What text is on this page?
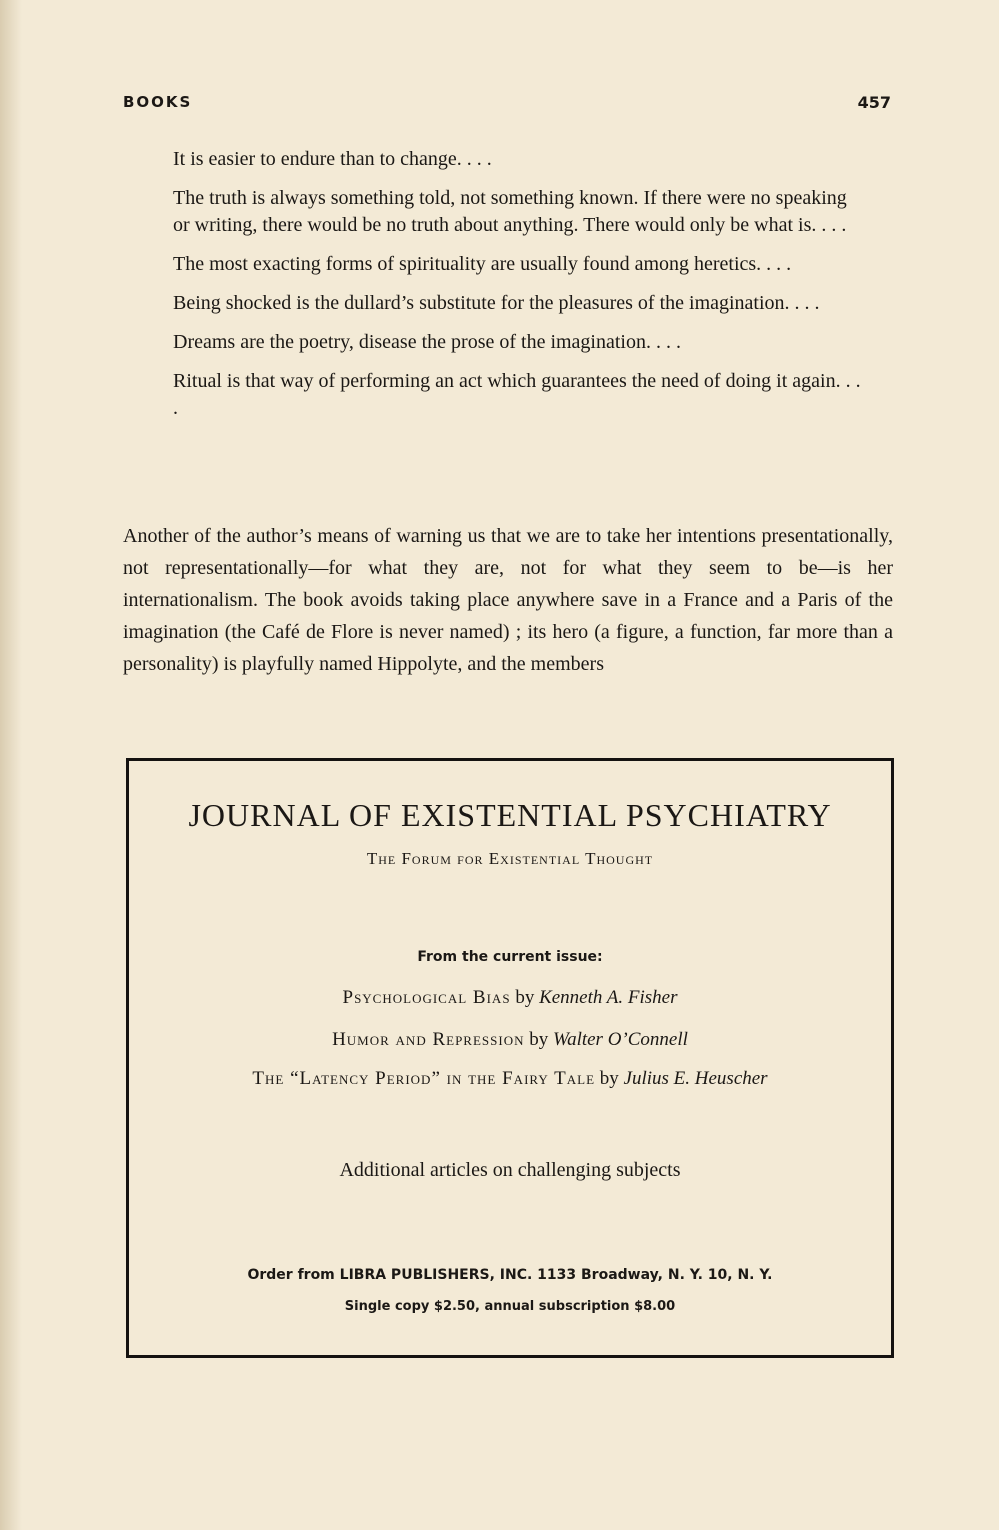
BOOKS	457

It is easier to endure than to change. . . .

The truth is always something told, not something known. If there were no speaking or writing, there would be no truth about anything. There would only be what is. . . .

The most exacting forms of spirituality are usually found among heretics. . . .

Being shocked is the dullard’s substitute for the pleasures of the imagination. . . .

Dreams are the poetry, disease the prose of the imagination. . . .

Ritual is that way of performing an act which guarantees the need of doing it again. . . .

Another of the author’s means of warning us that we are to take her intentions presentationally, not representationally—for what they are, not for what they seem to be—is her internationalism. The book avoids taking place anywhere save in a France and a Paris of the imagination (the Café de Flore is never named) ; its hero (a figure, a function, far more than a personality) is playfully named Hippolyte, and the members

JOURNAL OF EXISTENTIAL PSYCHIATRY
The Forum for Existential Thought
From the current issue:
Psychological Bias by Kenneth A. Fisher
Humor and Repression by Walter O’Connell
The “Latency Period” in the Fairy Tale by Julius E. Heuscher
Additional articles on challenging subjects
Order from LIBRA PUBLISHERS, INC. 1133 Broadway, N. Y. 10, N. Y.
Single copy $2.50, annual subscription $8.00
